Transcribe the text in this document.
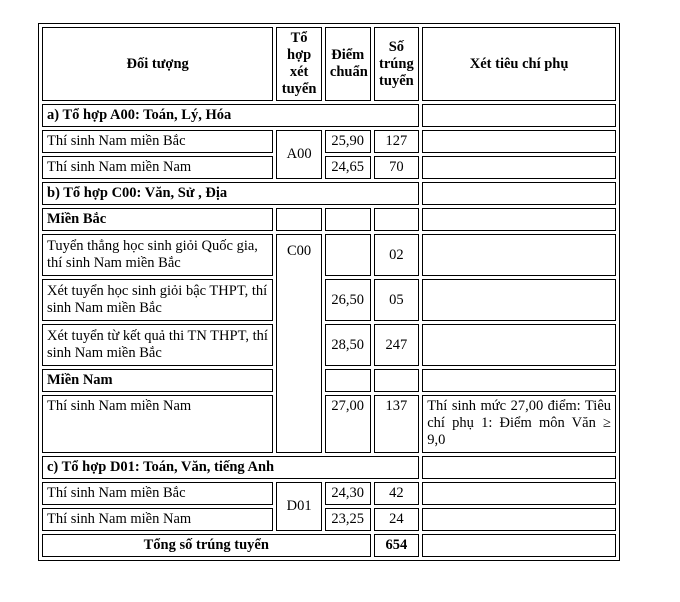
Đối tượng	Tổ hợp xét tuyển	Điểm chuẩn	Số trúng tuyển	Xét tiêu chí phụ
a) Tổ hợp A00: Toán, Lý, Hóa				
Thí sinh Nam miền Bắc	A00	25,90	127	
Thí sinh Nam miền Nam		24,65	70	
b) Tổ hợp C00: Văn, Sử , Địa				
Miền Bắc				
Tuyển thẳng học sinh giỏi Quốc gia, thí sinh Nam miền Bắc	C00		02	
Xét tuyển học sinh giỏi bậc THPT, thí sinh Nam miền Bắc		26,50	05	
Xét tuyển từ kết quả thi TN THPT, thí sinh Nam miền Bắc		28,50	247	
Miền Nam				
Thí sinh Nam miền Nam		27,00	137	Thí sinh mức 27,00 điểm: Tiêu chí phụ 1: Điểm môn Văn ≥ 9,0
c) Tổ hợp D01: Toán, Văn, tiếng Anh				
Thí sinh Nam miền Bắc	D01	24,30	42	
Thí sinh Nam miền Nam		23,25	24	
Tổng số trúng tuyển			654	
